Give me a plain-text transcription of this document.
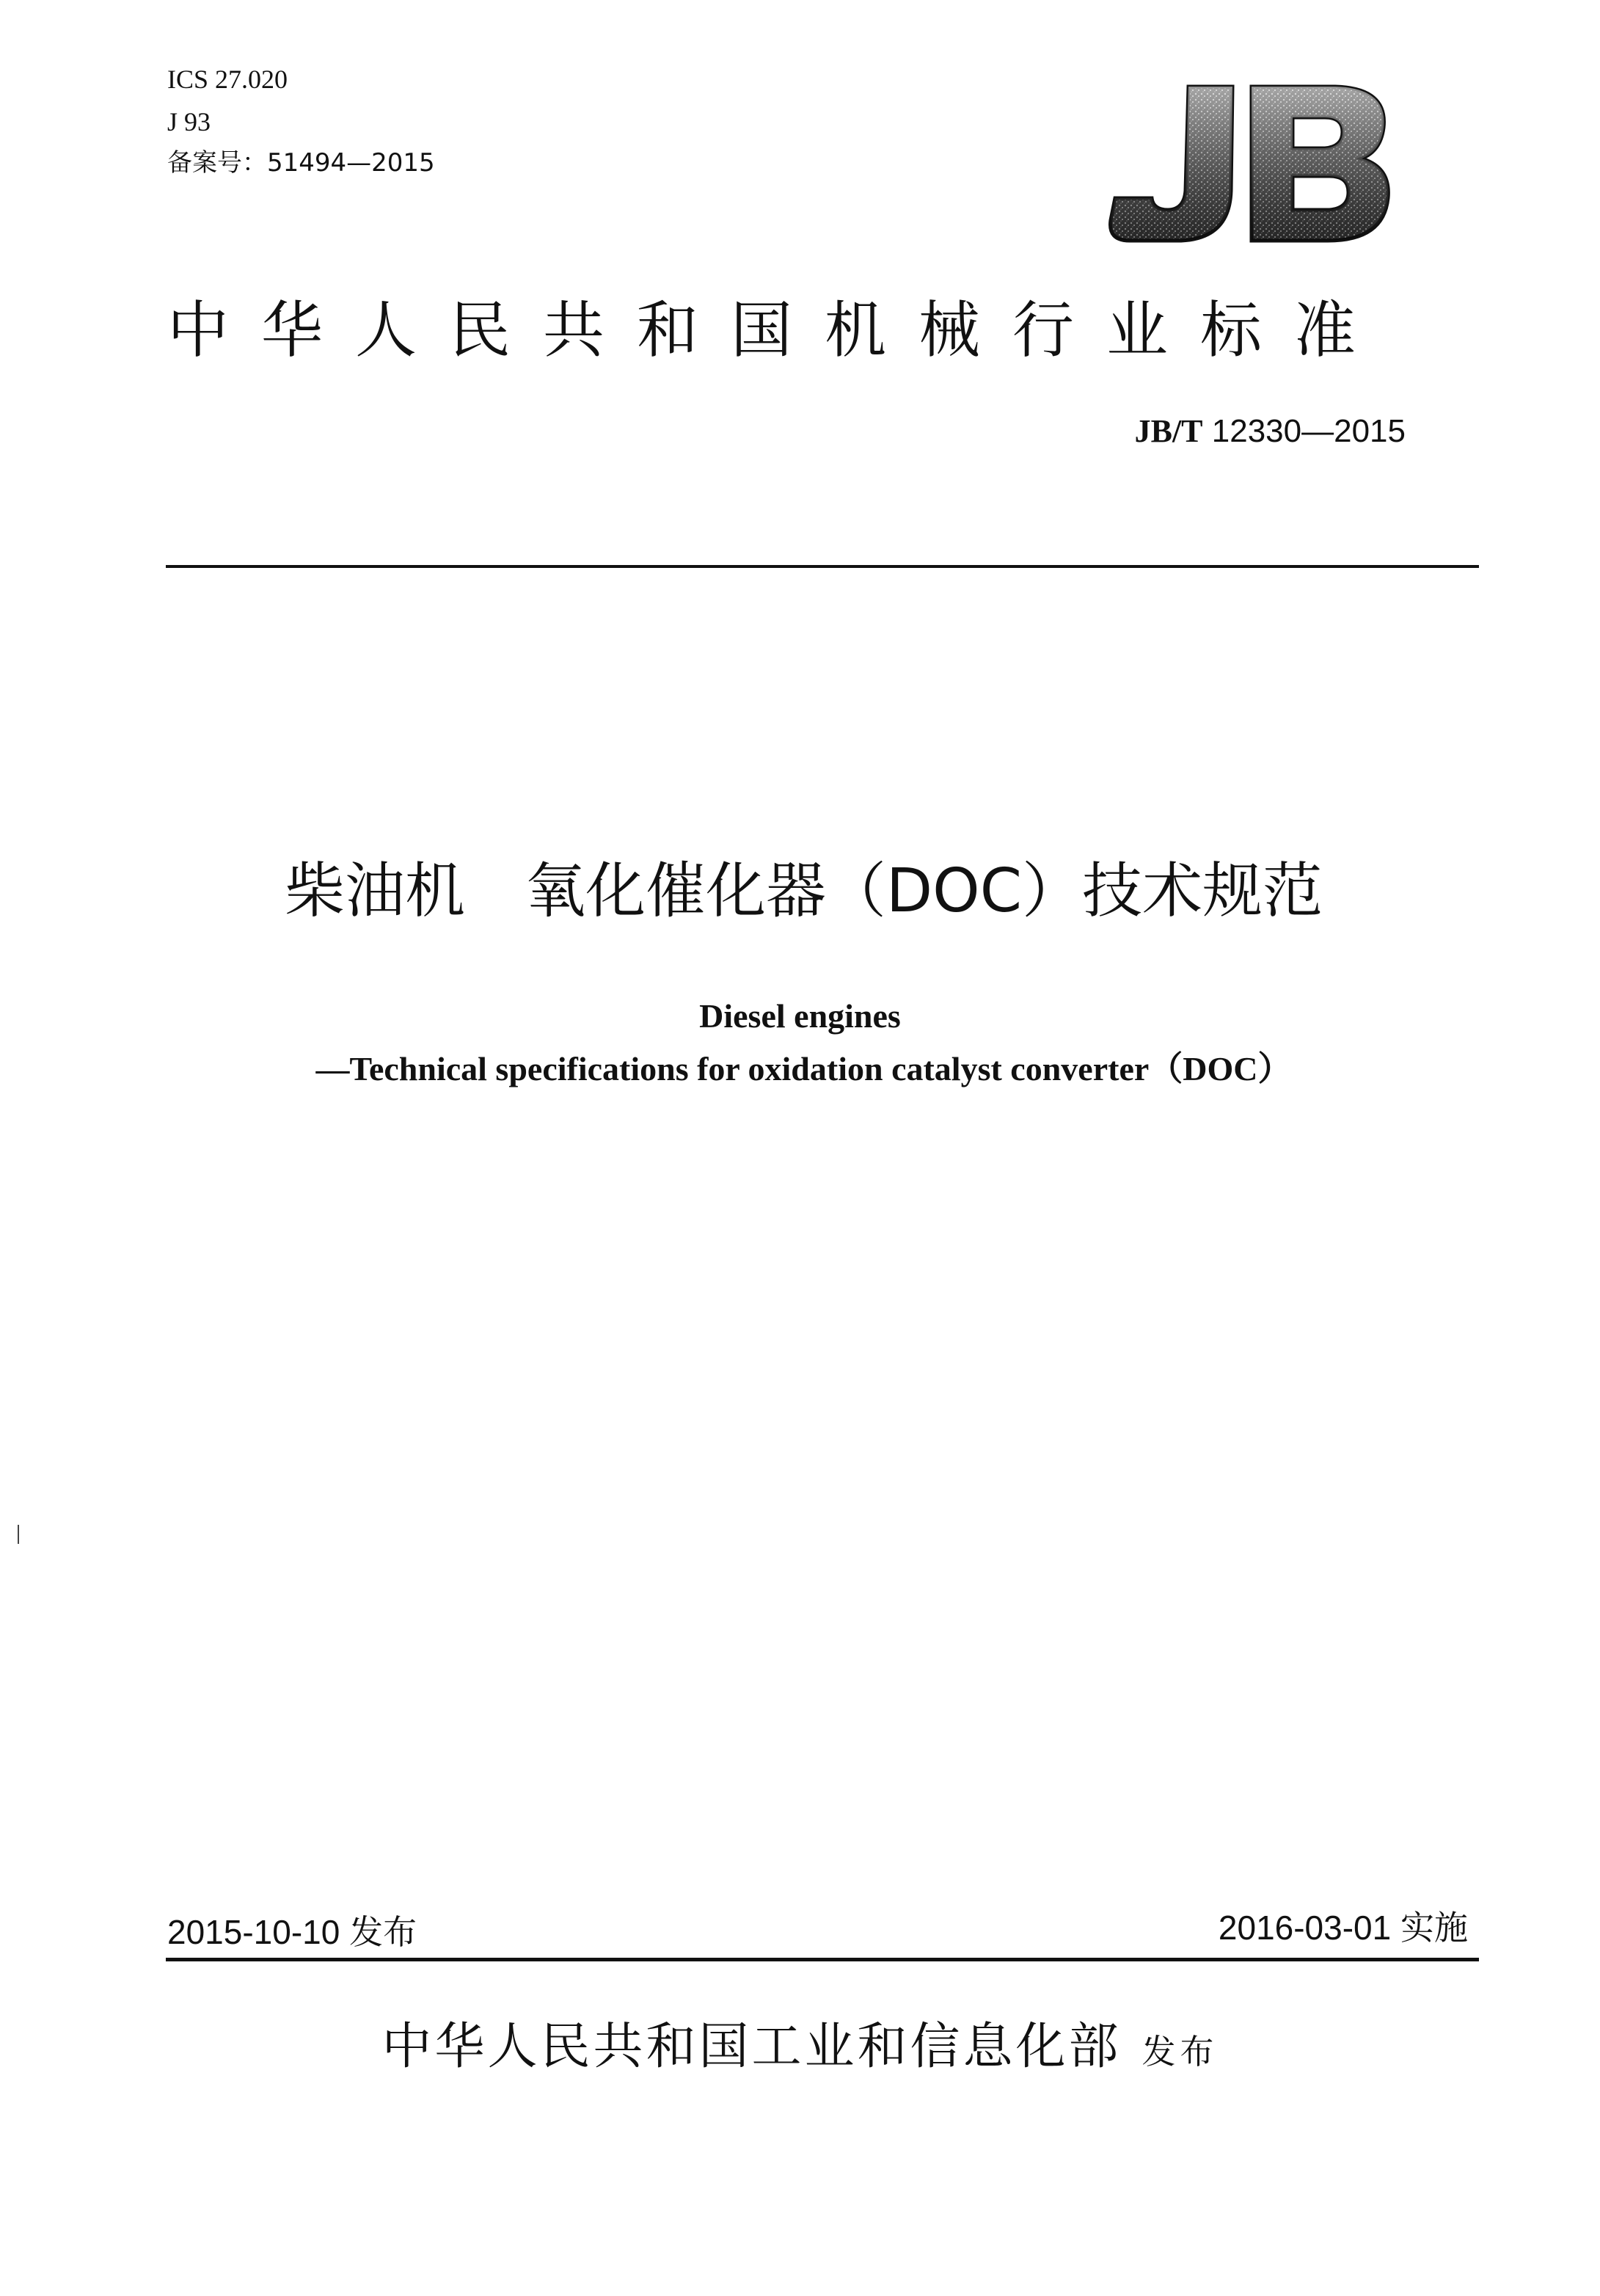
ICS 27.020
J 93
备案号：51494—2015
中华人民共和国机械行业标准
JB/T 12330—2015
柴油机　氧化催化器（DOC）技术规范
Diesel engines
—Technical specifications for oxidation catalyst converter（DOC）
2015-10-10 发布	2016-03-01 实施
中华人民共和国工业和信息化部 发布
